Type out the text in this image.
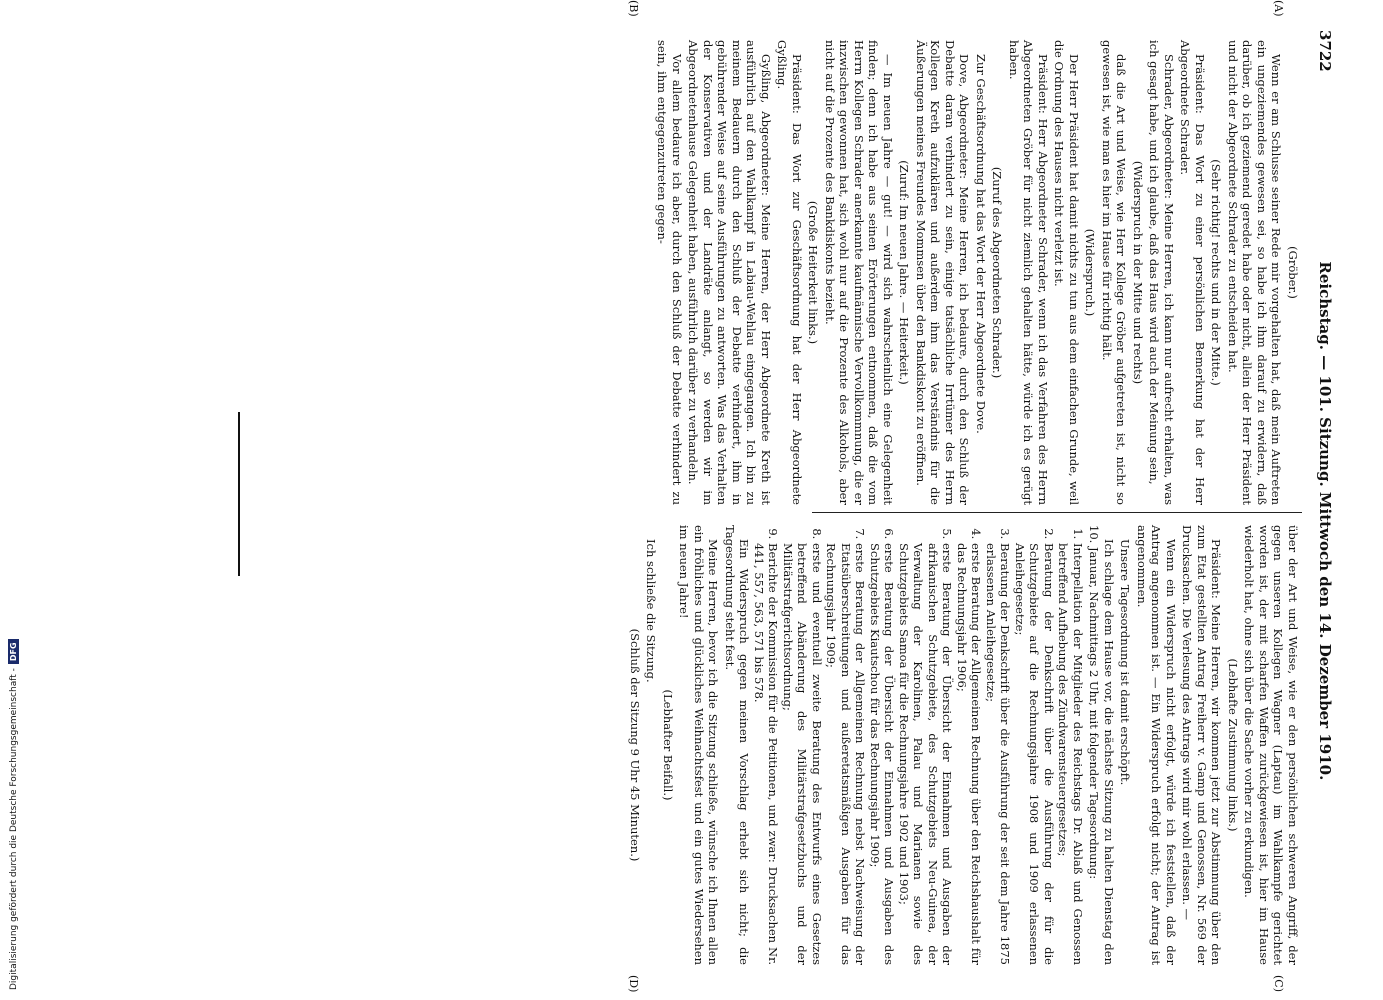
3722
Reichstag. — 101. Sitzung. Mittwoch den 14. Dezember 1910.
(A)
(B)
(C)
(D)

(Gröber.)

Wenn er am Schlusse seiner Rede mir vorgehalten hat, daß mein Auftreten ein ungeziemendes gewesen sei, so habe ich ihm darauf zu erwidern, daß darüber, ob ich geziemend geredet habe oder nicht, allein der Herr Präsident und nicht der Abgeordnete Schrader zu entscheiden hat.

(Sehr richtig! rechts und in der Mitte.)

Präsident: Das Wort zu einer persönlichen Bemerkung hat der Herr Abgeordnete Schrader.

Schrader, Abgeordneter: Meine Herren, ich kann nur aufrecht erhalten, was ich gesagt habe, und ich glaube, daß das Haus wird auch der Meinung sein,

(Widerspruch in der Mitte und rechts)

daß die Art und Weise, wie Herr Kollege Gröber aufgetreten ist, nicht so gewesen ist, wie man es hier im Hause für richtig hält.

(Widerspruch.)

Der Herr Präsident hat damit nichts zu tun aus dem einfachen Grunde, weil die Ordnung des Hauses nicht verletzt ist.

Präsident: Herr Abgeordneter Schrader, wenn ich das Verfahren des Herrn Abgeordneten Gröber für nicht ziemlich gehalten hätte, würde ich es gerügt haben.

(Zuruf des Abgeordneten Schrader.)

Zur Geschäftsordnung hat das Wort der Herr Abgeordnete Dove.

Dove, Abgeordneter: Meine Herren, ich bedaure, durch den Schluß der Debatte daran verhindert zu sein, einige tatsächliche Irrtümer des Herrn Kollegen Kreth aufzuklären und außerdem ihm das Verständnis für die Äußerungen meines Freundes Mommsen über den Bankdiskont zu eröffnen.

(Zuruf: Im neuen Jahre. — Heiterkeit.)

— Im neuen Jahre — gut! — wird sich wahrscheinlich eine Gelegenheit finden; denn ich habe aus seinen Erörterungen entnommen, daß die vom Herrn Kollegen Schrader anerkannte kaufmännische Vervollkommnung, die er inzwischen gewonnen hat, sich wohl nur auf die Prozente des Alkohols, aber nicht auf die Prozente des Bankdiskonts bezieht.

(Große Heiterkeit links.)

Präsident: Das Wort zur Geschäftsordnung hat der Herr Abgeordnete Gyßling.

Gyßling, Abgeordneter: Meine Herren, der Herr Abgeordnete Kreth ist ausführlich auf den Wahlkampf in Labiau-Wehlau eingegangen. Ich bin zu meinem Bedauern durch den Schluß der Debatte verhindert, ihm in gebührender Weise auf seine Ausführungen zu antworten. Was das Verhalten der Konservativen und der Landräte anlangt, so werden wir im Abgeordnetenhause Gelegenheit haben, ausführlich darüber zu verhandeln.

Vor allem bedaure ich aber, durch den Schluß der Debatte verhindert zu sein, ihm entgegenzutreten gegen-

über der Art und Weise, wie er den persönlichen schweren Angriff, der gegen unseren Kollegen Wagner (Laptau) im Wahlkampfe gerichtet worden ist, der mit scharfen Waffen zurückgewiesen ist, hier im Hause wiederholt hat, ohne sich über die Sache vorher zu erkundigen.

(Lebhafte Zustimmung links.)

Präsident: Meine Herren, wir kommen jetzt zur Abstimmung über den zum Etat gestellten Antrag Freiherr v. Gamp und Genossen, Nr. 569 der Drucksachen. Die Verlesung des Antrags wird mir wohl erlassen. —

Wenn ein Widerspruch nicht erfolgt, würde ich feststellen, daß der Antrag angenommen ist. — Ein Widerspruch erfolgt nicht; der Antrag ist angenommen.

Unsere Tagesordnung ist damit erschöpft.

Ich schlage dem Hause vor, die nächste Sitzung zu halten Dienstag den 10. Januar, Nachmittags 2 Uhr, mit folgender Tagesordnung:

1. Interpellation der Mitglieder des Reichstags Dr. Ablaß und Genossen betreffend Aufhebung des Zündwarensteuergesetzes;
2. Beratung der Denkschrift über die Ausführung der für die Schutzgebiete auf die Rechnungsjahre 1908 und 1909 erlassenen Anleihegesetze;
3. Beratung der Denkschrift über die Ausführung der seit dem Jahre 1875 erlassenen Anleihegesetze;
4. erste Beratung der Allgemeinen Rechnung über den Reichshaushalt für das Rechnungsjahr 1906;
5. erste Beratung der Übersicht der Einnahmen und Ausgaben der afrikanischen Schutzgebiete, des Schutzgebiets Neu-Guinea, der Verwaltung der Karolinen, Palau und Marianen sowie des Schutzgebiets Samoa für die Rechnungsjahre 1902 und 1903;
6. erste Beratung der Übersicht der Einnahmen und Ausgaben des Schutzgebiets Kiautschou für das Rechnungsjahr 1909;
7. erste Beratung der Allgemeinen Rechnung nebst Nachweisung der Etatsüberschreitungen und außeretatsmäßigen Ausgaben für das Rechnungsjahr 1909;
8. erste und eventuell zweite Beratung des Entwurfs eines Gesetzes betreffend Abänderung des Militärstrafgesetzbuchs und der Militärstrafgerichtsordnung;
9. Berichte der Kommission für die Petitionen, und zwar: Drucksachen Nr. 441, 557, 563, 571 bis 578.

Ein Widerspruch gegen meinen Vorschlag erhebt sich nicht; die Tagesordnung steht fest.

Meine Herren, bevor ich die Sitzung schließe, wünsche ich Ihnen allen ein fröhliches und glückliches Weihnachtsfest und ein gutes Wiedersehen im neuen Jahre!

(Lebhafter Beifall.)

Ich schließe die Sitzung.

(Schluß der Sitzung 9 Uhr 45 Minuten.)

Digitalisierung gefördert durch die Deutsche Forschungsgemeinschaft -
DFG
